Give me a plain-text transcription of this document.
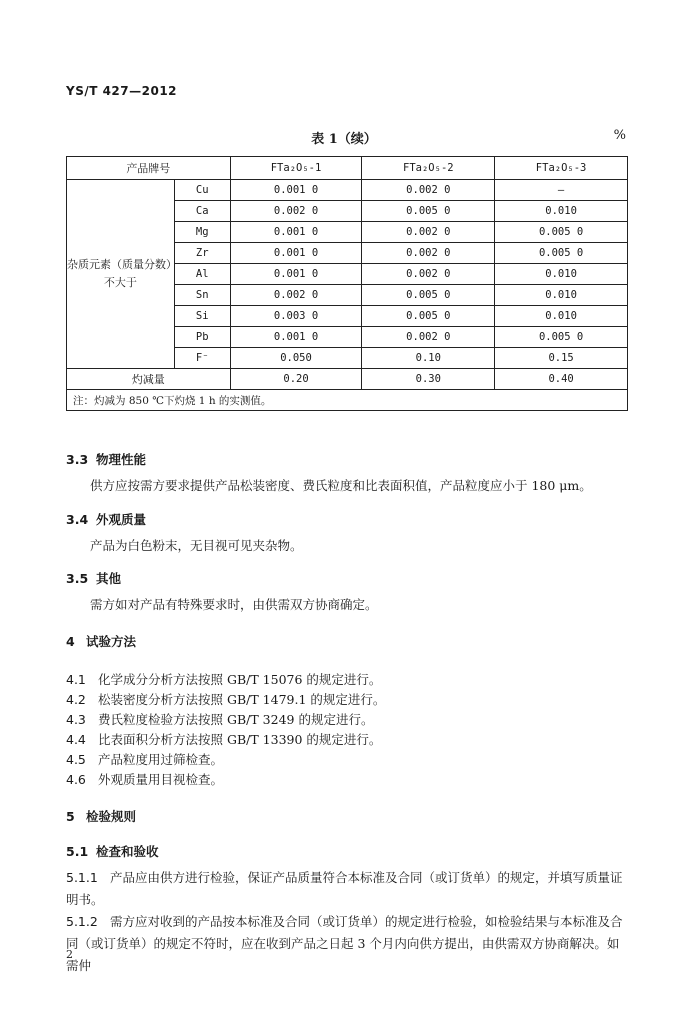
YS/T 427—2012
表 1（续）	%
产品牌号		FTa₂O₅-1	FTa₂O₅-2	FTa₂O₅-3

杂质元素（质量分数）
不大于	Cu	0.001 0	0.002 0	—
	Ca	0.002 0	0.005 0	0.010
	Mg	0.001 0	0.002 0	0.005 0
	Zr	0.001 0	0.002 0	0.005 0
	Al	0.001 0	0.002 0	0.010
	Sn	0.002 0	0.005 0	0.010
	Si	0.003 0	0.005 0	0.010
	Pb	0.001 0	0.002 0	0.005 0
	F⁻	0.050	0.10	0.15
灼减量		0.20	0.30	0.40
注：灼减为 850 ℃下灼烧 1 h 的实测值。				
3.3 物理性能
供方应按需方要求提供产品松装密度、费氏粒度和比表面积值，产品粒度应小于 180 μm。
3.4 外观质量
产品为白色粉末，无目视可见夹杂物。
3.5 其他
需方如对产品有特殊要求时，由供需双方协商确定。
4 试验方法
4.1 化学成分分析方法按照 GB/T 15076 的规定进行。
4.2 松装密度分析方法按照 GB/T 1479.1 的规定进行。
4.3 费氏粒度检验方法按照 GB/T 3249 的规定进行。
4.4 比表面积分析方法按照 GB/T 13390 的规定进行。
4.5 产品粒度用过筛检查。
4.6 外观质量用目视检查。
5 检验规则
5.1 检查和验收
5.1.1 产品应由供方进行检验，保证产品质量符合本标准及合同（或订货单）的规定，并填写质量证明书。
5.1.2 需方应对收到的产品按本标准及合同（或订货单）的规定进行检验，如检验结果与本标准及合同（或订货单）的规定不符时，应在收到产品之日起 3 个月内向供方提出，由供需双方协商解决。如需仲
2
